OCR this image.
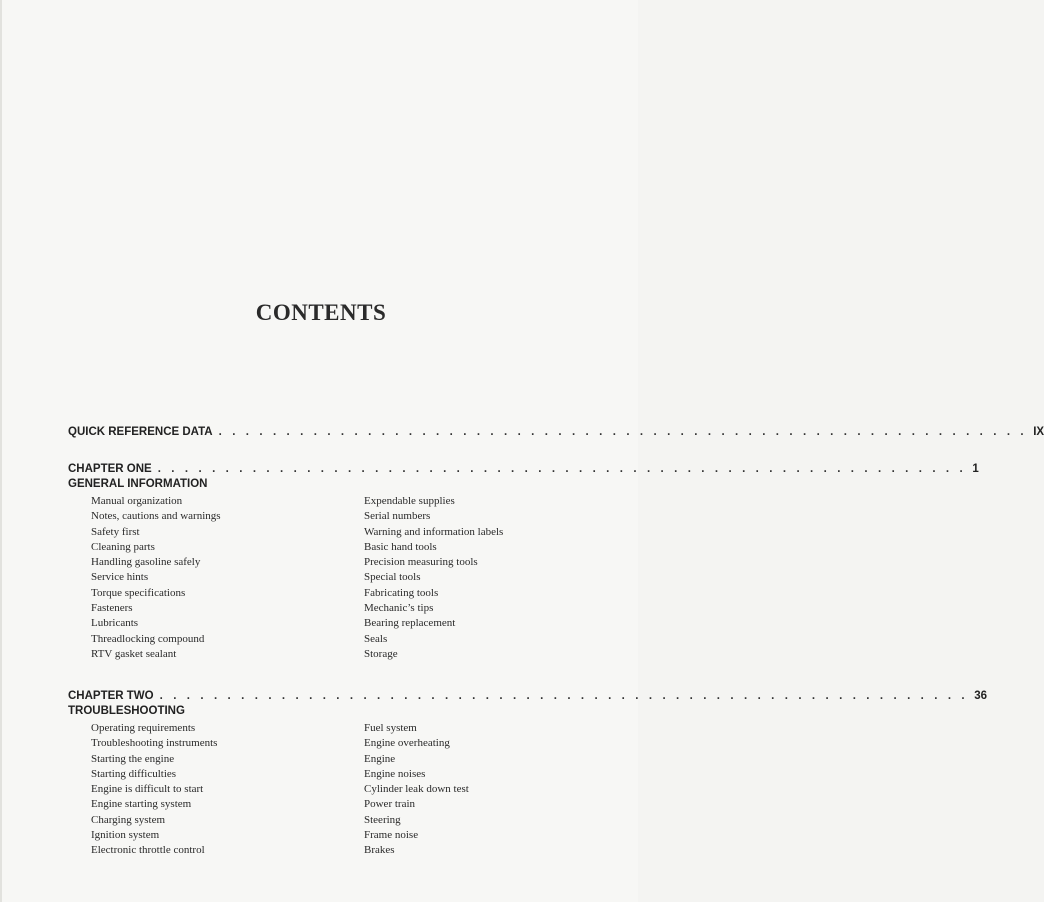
CONTENTS
QUICK REFERENCE DATA . . . . . . . . . . . . . . . . . . . . . . . . . . . . . . . . . . . . . . . . . . . . . . . . . . . . . . . . . . . . IX
CHAPTER ONE . . . . . . . . . . . . . . . . . . . . . . . . . . . . . . . . . . . . . . . . . . . . . . . . . . . . . . . . . . . . 1
GENERAL INFORMATION
Manual organization
Notes, cautions and warnings
Safety first
Cleaning parts
Handling gasoline safely
Service hints
Torque specifications
Fasteners
Lubricants
Threadlocking compound
RTV gasket sealant
Expendable supplies
Serial numbers
Warning and information labels
Basic hand tools
Precision measuring tools
Special tools
Fabricating tools
Mechanic’s tips
Bearing replacement
Seals
Storage
CHAPTER TWO . . . . . . . . . . . . . . . . . . . . . . . . . . . . . . . . . . . . . . . . . . . . . . . . . . . . . . . . . . . . 36
TROUBLESHOOTING
Operating requirements
Troubleshooting instruments
Starting the engine
Starting difficulties
Engine is difficult to start
Engine starting system
Charging system
Ignition system
Electronic throttle control
Fuel system
Engine overheating
Engine
Engine noises
Cylinder leak down test
Power train
Steering
Frame noise
Brakes
